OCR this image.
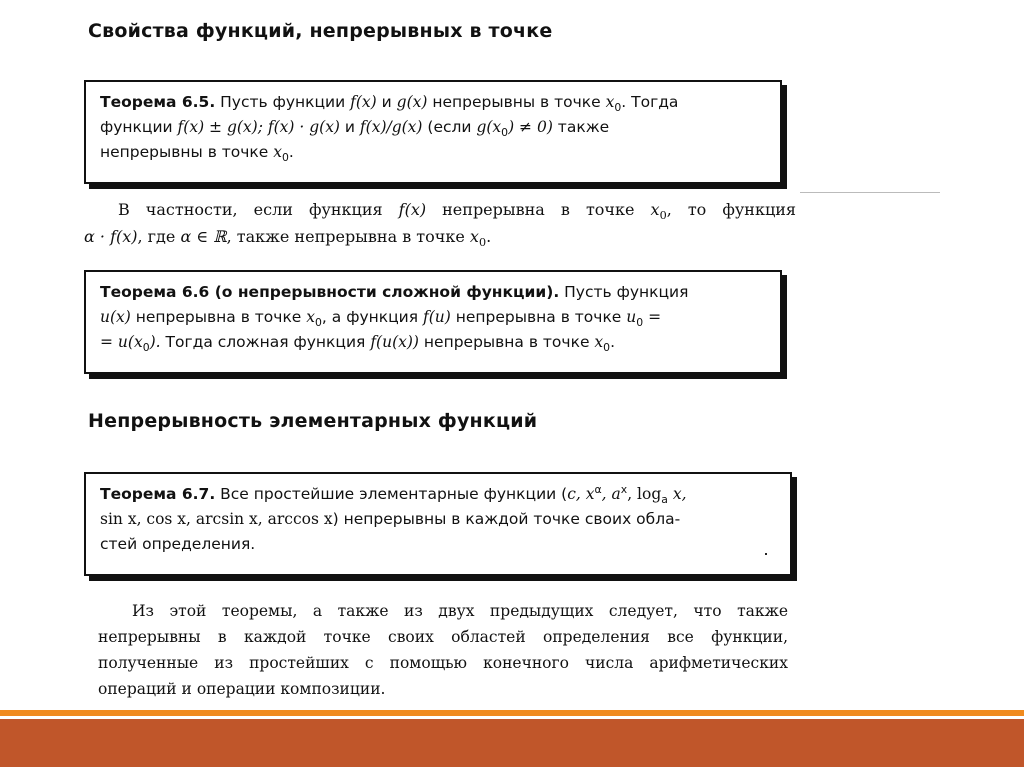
Свойства функций, непрерывных в точке
Теорема 6.5. Пусть функции f(x) и g(x) непрерывны в точке $x_0$. Тогда
функции f(x) ± g(x); f(x) · g(x) и f(x)/g(x) (если $g(x_0) \ne 0$) также
непрерывны в точке $x_0$.
В частности, если функция f(x) непрерывна в точке $x_0$, то функция
α · f(x), где α ∈ ℝ, также непрерывна в точке $x_0$.
Теорема 6.6 (о непрерывности сложной функции). Пусть функция
u(x) непрерывна в точке $x_0$, а функция f(u) непрерывна в точке $u_0$ =
= $u(x_0)$. Тогда сложная функция f(u(x)) непрерывна в точке $x_0$.
Непрерывность элементарных функций
Теорема 6.7. Все простейшие элементарные функции (c, $x^\alpha$, $a^x$, $\log_a x$,
sin x, cos x, arcsin x, arccos x) непрерывны в каждой точке своих обла-
стей определения.
Из этой теоремы, а также из двух предыдущих следует, что также
непрерывны в каждой точке своих областей определения все функции,
полученные из простейших с помощью конечного числа арифметических
операций и операции композиции.
